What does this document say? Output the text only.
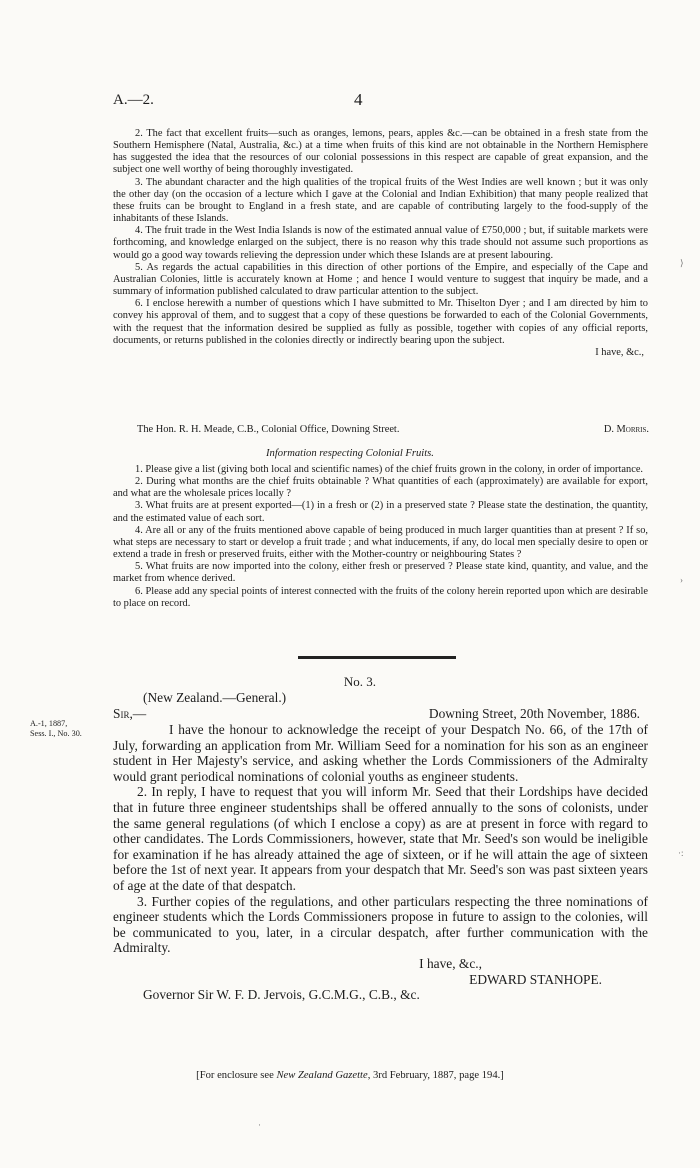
A.—2.	4

2. The fact that excellent fruits—such as oranges, lemons, pears, apples &c.—can be obtained in a fresh state from the Southern Hemisphere (Natal, Australia, &c.) at a time when fruits of this kind are not obtainable in the Northern Hemisphere has suggested the idea that the resources of our colonial possessions in this respect are capable of great expansion, and the subject one well worthy of being thoroughly investigated.

3. The abundant character and the high qualities of the tropical fruits of the West Indies are well known ; but it was only the other day (on the occasion of a lecture which I gave at the Colonial and Indian Exhibition) that many people realized that these fruits can be brought to England in a fresh state, and are capable of contributing largely to the food-supply of the inhabitants of these Islands.

4. The fruit trade in the West India Islands is now of the estimated annual value of £750,000 ; but, if suitable markets were forthcoming, and knowledge enlarged on the subject, there is no reason why this trade should not assume such proportions as would go a good way towards relieving the depression under which these Islands are at present labouring.

5. As regards the actual capabilities in this direction of other portions of the Empire, and especially of the Cape and Australian Colonies, little is accurately known at Home ; and hence I would venture to suggest that inquiry be made, and a summary of information published calculated to draw particular attention to the subject.

6. I enclose herewith a number of questions which I have submitted to Mr. Thiselton Dyer ; and I am directed by him to convey his approval of them, and to suggest that a copy of these questions be forwarded to each of the Colonial Governments, with the request that the information desired be supplied as fully as possible, together with copies of any official reports, documents, or returns published in the colonies directly or indirectly bearing upon the subject.

I have, &c.,
The Hon. R. H. Meade, C.B., Colonial Office, Downing Street.	D. Morris.
Information respecting Colonial Fruits.

1. Please give a list (giving both local and scientific names) of the chief fruits grown in the colony, in order of importance.

2. During what months are the chief fruits obtainable ? What quantities of each (approximately) are available for export, and what are the wholesale prices locally ?

3. What fruits are at present exported—(1) in a fresh or (2) in a preserved state ? Please state the destination, the quantity, and the estimated value of each sort.

4. Are all or any of the fruits mentioned above capable of being produced in much larger quantities than at present ? If so, what steps are necessary to start or develop a fruit trade ; and what inducements, if any, do local men specially desire to open or extend a trade in fresh or preserved fruits, either with the Mother-country or neighbouring States ?

5. What fruits are now imported into the colony, either fresh or preserved ? Please state kind, quantity, and value, and the market from whence derived.

6. Please add any special points of interest connected with the fruits of the colony herein reported upon which are desirable to place on record.

No. 3.
A.-1, 1887,
Sess. I., No. 30.
(New Zealand.—General.)
Sir,—	Downing Street, 20th November, 1886.

I have the honour to acknowledge the receipt of your Despatch No. 66, of the 17th of July, forwarding an application from Mr. William Seed for a nomination for his son as an engineer student in Her Majesty's service, and asking whether the Lords Commissioners of the Admiralty would grant periodical nominations of colonial youths as engineer students.

2. In reply, I have to request that you will inform Mr. Seed that their Lordships have decided that in future three engineer studentships shall be offered annually to the sons of colonists, under the same general regulations (of which I enclose a copy) as are at present in force with regard to other candidates. The Lords Commissioners, however, state that Mr. Seed's son would be ineligible for examination if he has already attained the age of sixteen, or if he will attain the age of sixteen before the 1st of next year. It appears from your despatch that Mr. Seed's son was past sixteen years of age at the date of that despatch.

3. Further copies of the regulations, and other particulars respecting the three nominations of engineer students which the Lords Commissioners propose in future to assign to the colonies, will be communicated to you, later, in a circular despatch, after further communication with the Admiralty.

I have, &c.,
EDWARD STANHOPE.
Governor Sir W. F. D. Jervois, G.C.M.G., C.B., &c.
[For enclosure see New Zealand Gazette, 3rd February, 1887, page 194.]
⟩
›
·:
·
